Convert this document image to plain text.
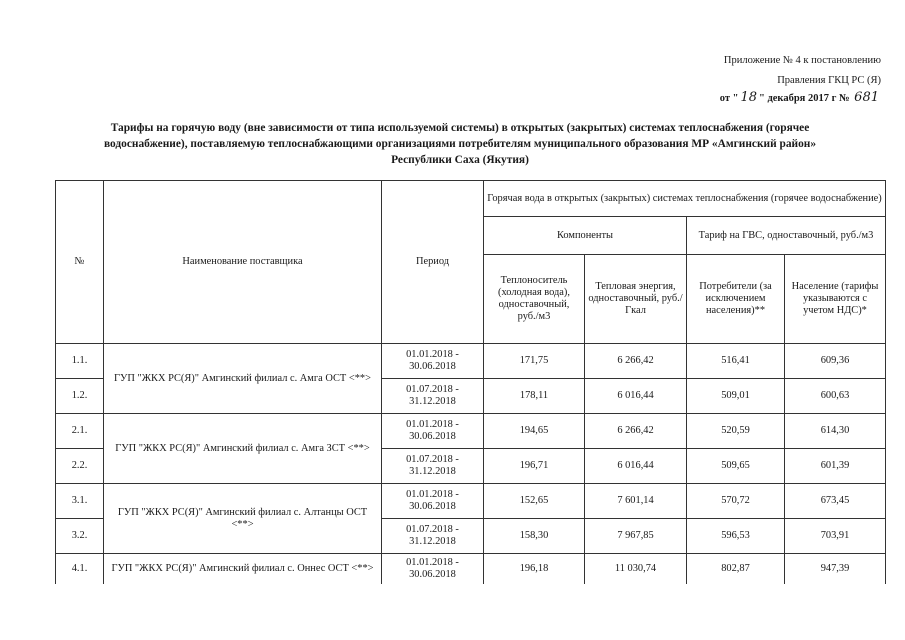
Приложение № 4 к постановлению
Правления ГКЦ РС (Я)
от " 18 " декабря 2017 г № 681
Тарифы на горячую воду (вне зависимости от типа используемой системы) в открытых (закрытых) системах теплоснабжения (горячее водоснабжение), поставляемую теплоснабжающими организациями потребителям муниципального образования МР «Амгинский район» Республики Саха (Якутия)
№	Наименование поставщика	Период	Горячая вода в открытых (закрытых) системах теплоснабжения (горячее водоснабжение)			
			Компоненты		Тариф на ГВС, одноставочный, руб./м3	
			Теплоноситель (холодная вода), одноставочный, руб./м3	Тепловая энергия, одноставочный, руб./Гкал	Потребители (за исключением населения)**	Население (тарифы указываются с учетом НДС)*
1.1.	ГУП "ЖКХ РС(Я)" Амгинский филиал с. Амга ОСТ <**>	01.01.2018 - 30.06.2018	171,75	6 266,42	516,41	609,36
1.2.		01.07.2018 - 31.12.2018	178,11	6 016,44	509,01	600,63
2.1.	ГУП "ЖКХ РС(Я)" Амгинский филиал с. Амга ЗСТ <**>	01.01.2018 - 30.06.2018	194,65	6 266,42	520,59	614,30
2.2.		01.07.2018 - 31.12.2018	196,71	6 016,44	509,65	601,39
3.1.	ГУП "ЖКХ РС(Я)" Амгинский филиал с. Алтанцы ОСТ <**>	01.01.2018 - 30.06.2018	152,65	7 601,14	570,72	673,45
3.2.		01.07.2018 - 31.12.2018	158,30	7 967,85	596,53	703,91
4.1.	ГУП "ЖКХ РС(Я)" Амгинский филиал с. Оннес ОСТ <**>	01.01.2018 - 30.06.2018	196,18	11 030,74	802,87	947,39
